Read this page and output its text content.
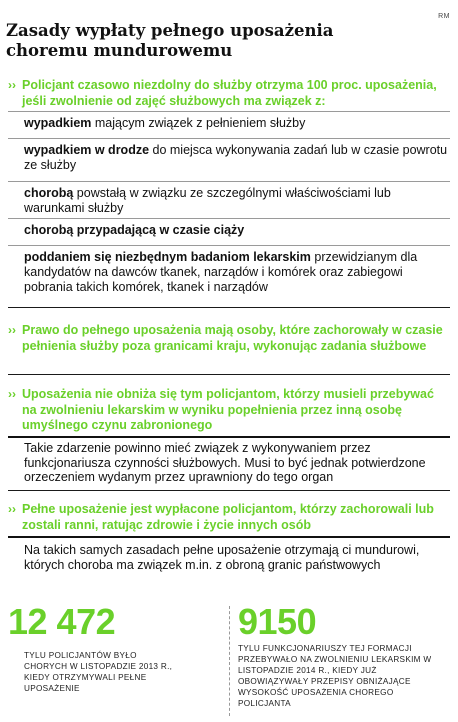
RM
Zasady wypłaty pełnego uposażenia choremu mundurowemu
›› Policjant czasowo niezdolny do służby otrzyma 100 proc. uposażenia, jeśli zwolnienie od zajęć służbowych ma związek z:
wypadkiem mającym związek z pełnieniem służby
wypadkiem w drodze do miejsca wykonywania zadań lub w czasie powrotu ze służby
chorobą powstałą w związku ze szczególnymi właściwościami lub warunkami służby
chorobą przypadającą w czasie ciąży
poddaniem się niezbędnym badaniom lekarskim przewidzianym dla kandydatów na dawców tkanek, narządów i komórek oraz zabiegowi pobrania takich komórek, tkanek i narządów
›› Prawo do pełnego uposażenia mają osoby, które zachorowały w czasie pełnienia służby poza granicami kraju, wykonując zadania służbowe
›› Uposażenia nie obniża się tym policjantom, którzy musieli przebywać na zwolnieniu lekarskim w wyniku popełnienia przez inną osobę umyślnego czynu zabronionego
Takie zdarzenie powinno mieć związek z wykonywaniem przez funkcjonariusza czynności służbowych. Musi to być jednak potwierdzone orzeczeniem wydanym przez uprawniony do tego organ
›› Pełne uposażenie jest wypłacone policjantom, którzy zachorowali lub zostali ranni, ratując zdrowie i życie innych osób
Na takich samych zasadach pełne uposażenie otrzymają ci mundurowi, których choroba ma związek m.in. z obroną granic państwowych
12 472
TYLU POLICJANTÓW BYŁO CHORYCH W LISTOPADZIE 2013 R., KIEDY OTRZYMYWALI PEŁNE UPOSAŻENIE
9150
TYLU FUNKCJONARIUSZY TEJ FORMACJI PRZEBYWAŁO NA ZWOLNIENIU LEKARSKIM W LISTOPADZIE 2014 R., KIEDY JUŻ OBOWIĄZYWAŁY PRZEPISY OBNIŻAJĄCE WYSOKOŚĆ UPOSAŻENIA CHOREGO POLICJANTA
